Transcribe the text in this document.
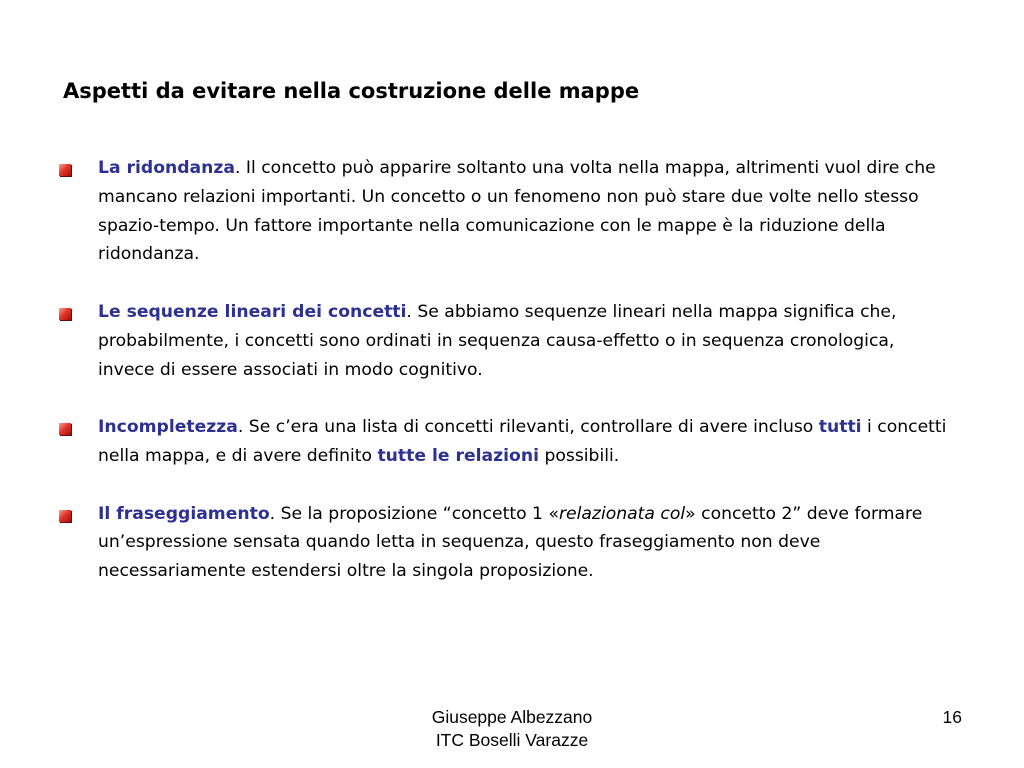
Aspetti da evitare nella costruzione delle mappe
La ridondanza. Il concetto può apparire soltanto una volta nella mappa, altrimenti vuol dire che mancano relazioni importanti. Un concetto o un fenomeno non può stare due volte nello stesso spazio-tempo. Un fattore importante nella comunicazione con le mappe è la riduzione della ridondanza.
Le sequenze lineari dei concetti. Se abbiamo sequenze lineari nella mappa significa che, probabilmente, i concetti sono ordinati in sequenza causa-effetto o in sequenza cronologica, invece di essere associati in modo cognitivo.
Incompletezza. Se c’era una lista di concetti rilevanti, controllare di avere incluso tutti i concetti nella mappa, e di avere definito tutte le relazioni possibili.
Il fraseggiamento. Se la proposizione “concetto 1 «relazionata col» concetto 2” deve formare un’espressione sensata quando letta in sequenza, questo fraseggiamento non deve necessariamente estendersi oltre la singola proposizione.
Giuseppe Albezzano
ITC Boselli Varazze
16
